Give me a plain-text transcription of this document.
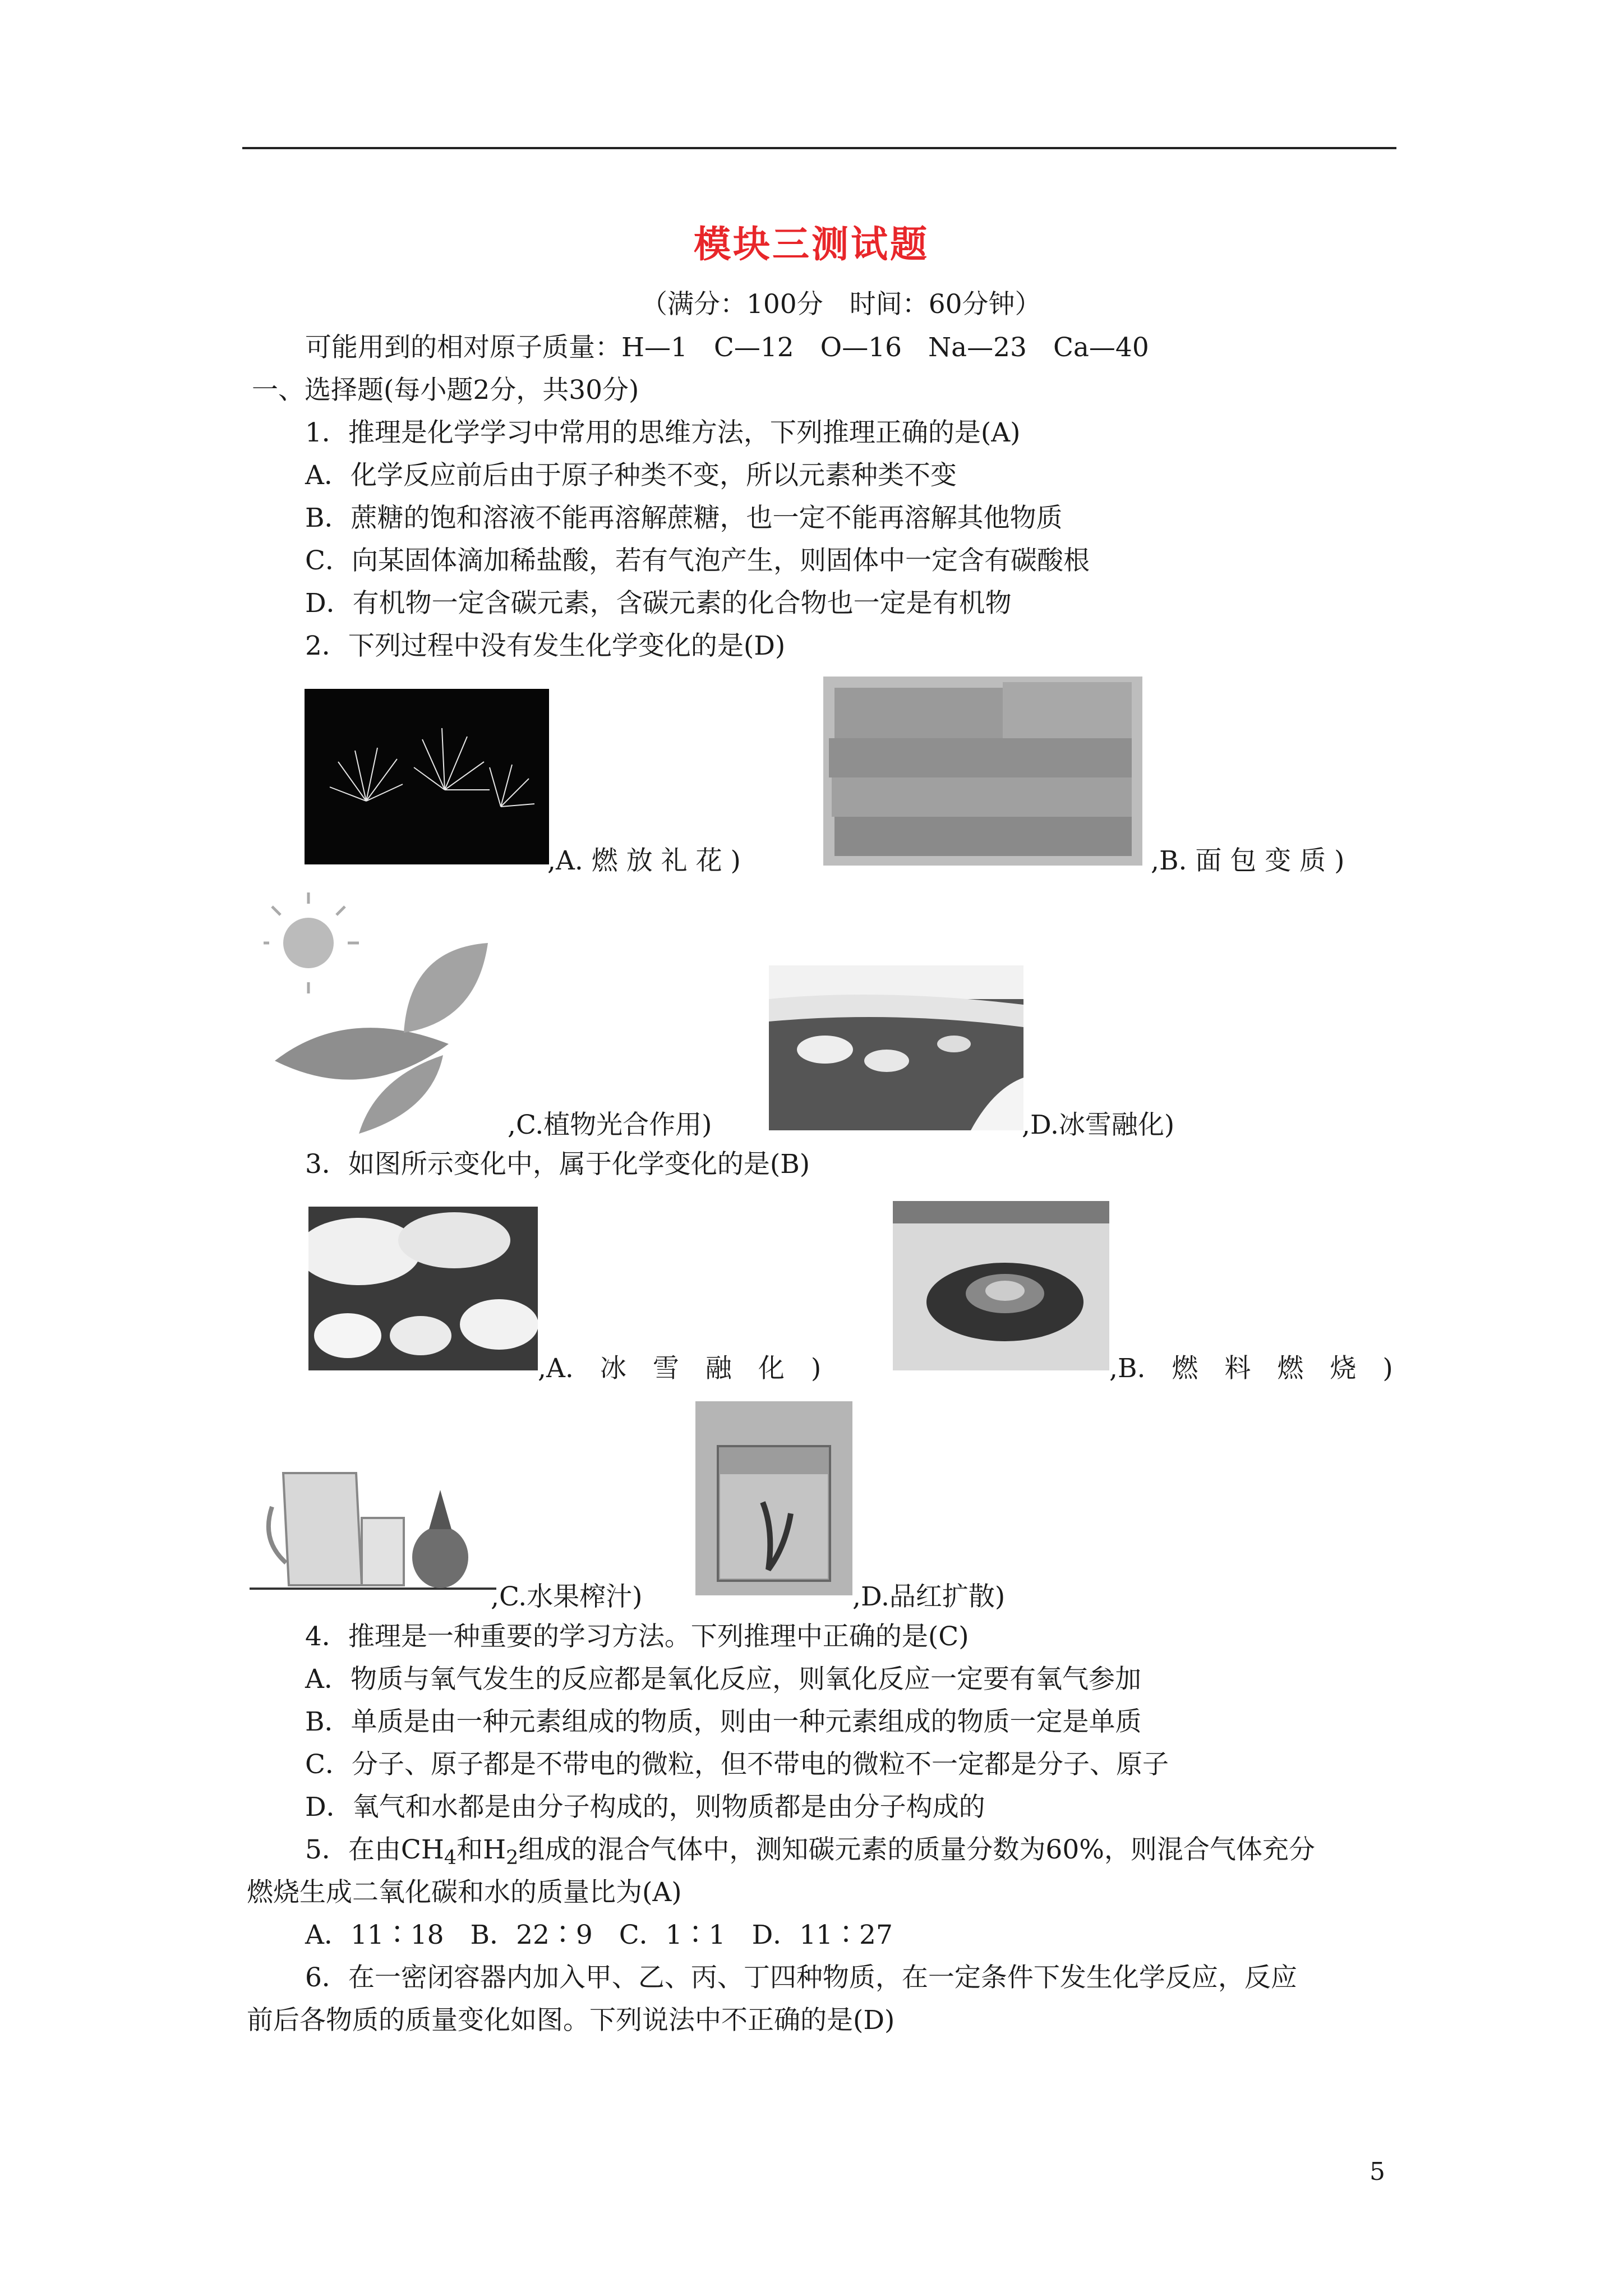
模块三测试题
（满分：100分　时间：60分钟）
可能用到的相对原子质量：H—1　C—12　O—16　Na—23　Ca—40
一、选择题(每小题2分，共30分)
1．推理是化学学习中常用的思维方法，下列推理正确的是(A)
A．化学反应前后由于原子种类不变，所以元素种类不变
B．蔗糖的饱和溶液不能再溶解蔗糖，也一定不能再溶解其他物质
C．向某固体滴加稀盐酸，若有气泡产生，则固体中一定含有碳酸根
D．有机物一定含碳元素，含碳元素的化合物也一定是有机物
2．下列过程中没有发生化学变化的是(D)
,A. 燃 放 礼 花 )	,B. 面 包 变 质 )
,C.植物光合作用)	,D.冰雪融化)
3．如图所示变化中，属于化学变化的是(B)
,A.　冰　雪　融　化　)	,B.　燃　料　燃　烧　)
,C.水果榨汁)	,D.品红扩散)
4．推理是一种重要的学习方法。下列推理中正确的是(C)
A．物质与氧气发生的反应都是氧化反应，则氧化反应一定要有氧气参加
B．单质是由一种元素组成的物质，则由一种元素组成的物质一定是单质
C．分子、原子都是不带电的微粒，但不带电的微粒不一定都是分子、原子
D．氧气和水都是由分子构成的，则物质都是由分子构成的
5．在由$CH_4$和$H_2$组成的混合气体中，测知碳元素的质量分数为60%，则混合气体充分
燃烧生成二氧化碳和水的质量比为(A)
A．11∶18　B．22∶9　C．1∶1　D．11∶27
6．在一密闭容器内加入甲、乙、丙、丁四种物质，在一定条件下发生化学反应，反应
前后各物质的质量变化如图。下列说法中不正确的是(D)
5
